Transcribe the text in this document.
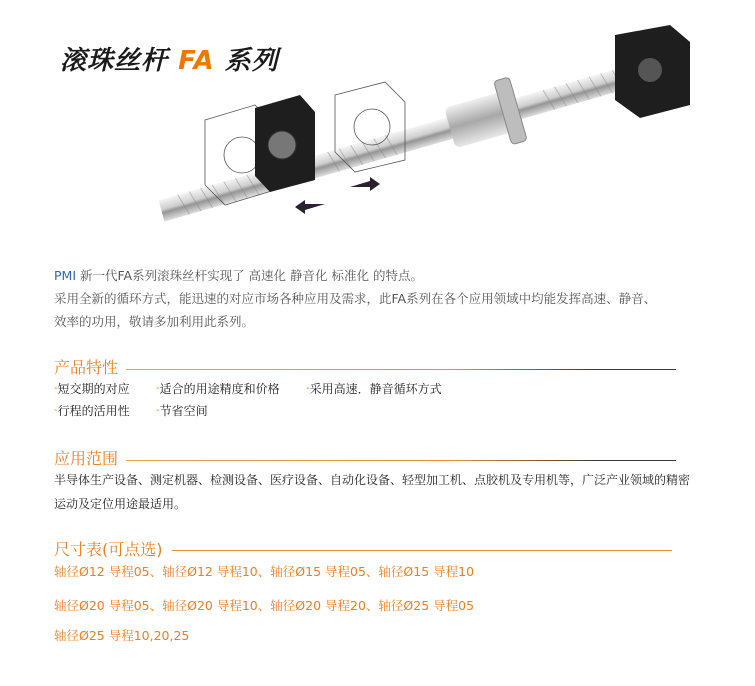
滚珠丝杆 FA 系列
PMI 新一代FA系列滚珠丝杆实现了 高速化 静音化 标准化 的特点。
采用全新的循环方式，能迅速的对应市场各种应用及需求，此FA系列在各个应用领域中均能发挥高速、静音、
效率的功用，敬请多加利用此系列。
产品特性
-短交期的对应	-适合的用途精度和价格	-采用高速．静音循环方式
-行程的活用性	-节省空间
应用范围
半导体生产设备、测定机器、检测设备、医疗设备、自动化设备、轻型加工机、点胶机及专用机等，广泛产业领域的精密运动及定位用途最适用。
尺寸表(可点选)
轴径Ø12 导程05、轴径Ø12 导程10、轴径Ø15 导程05、轴径Ø15 导程10
轴径Ø20 导程05、轴径Ø20 导程10、轴径Ø20 导程20、轴径Ø25 导程05
轴径Ø25 导程10,20,25
